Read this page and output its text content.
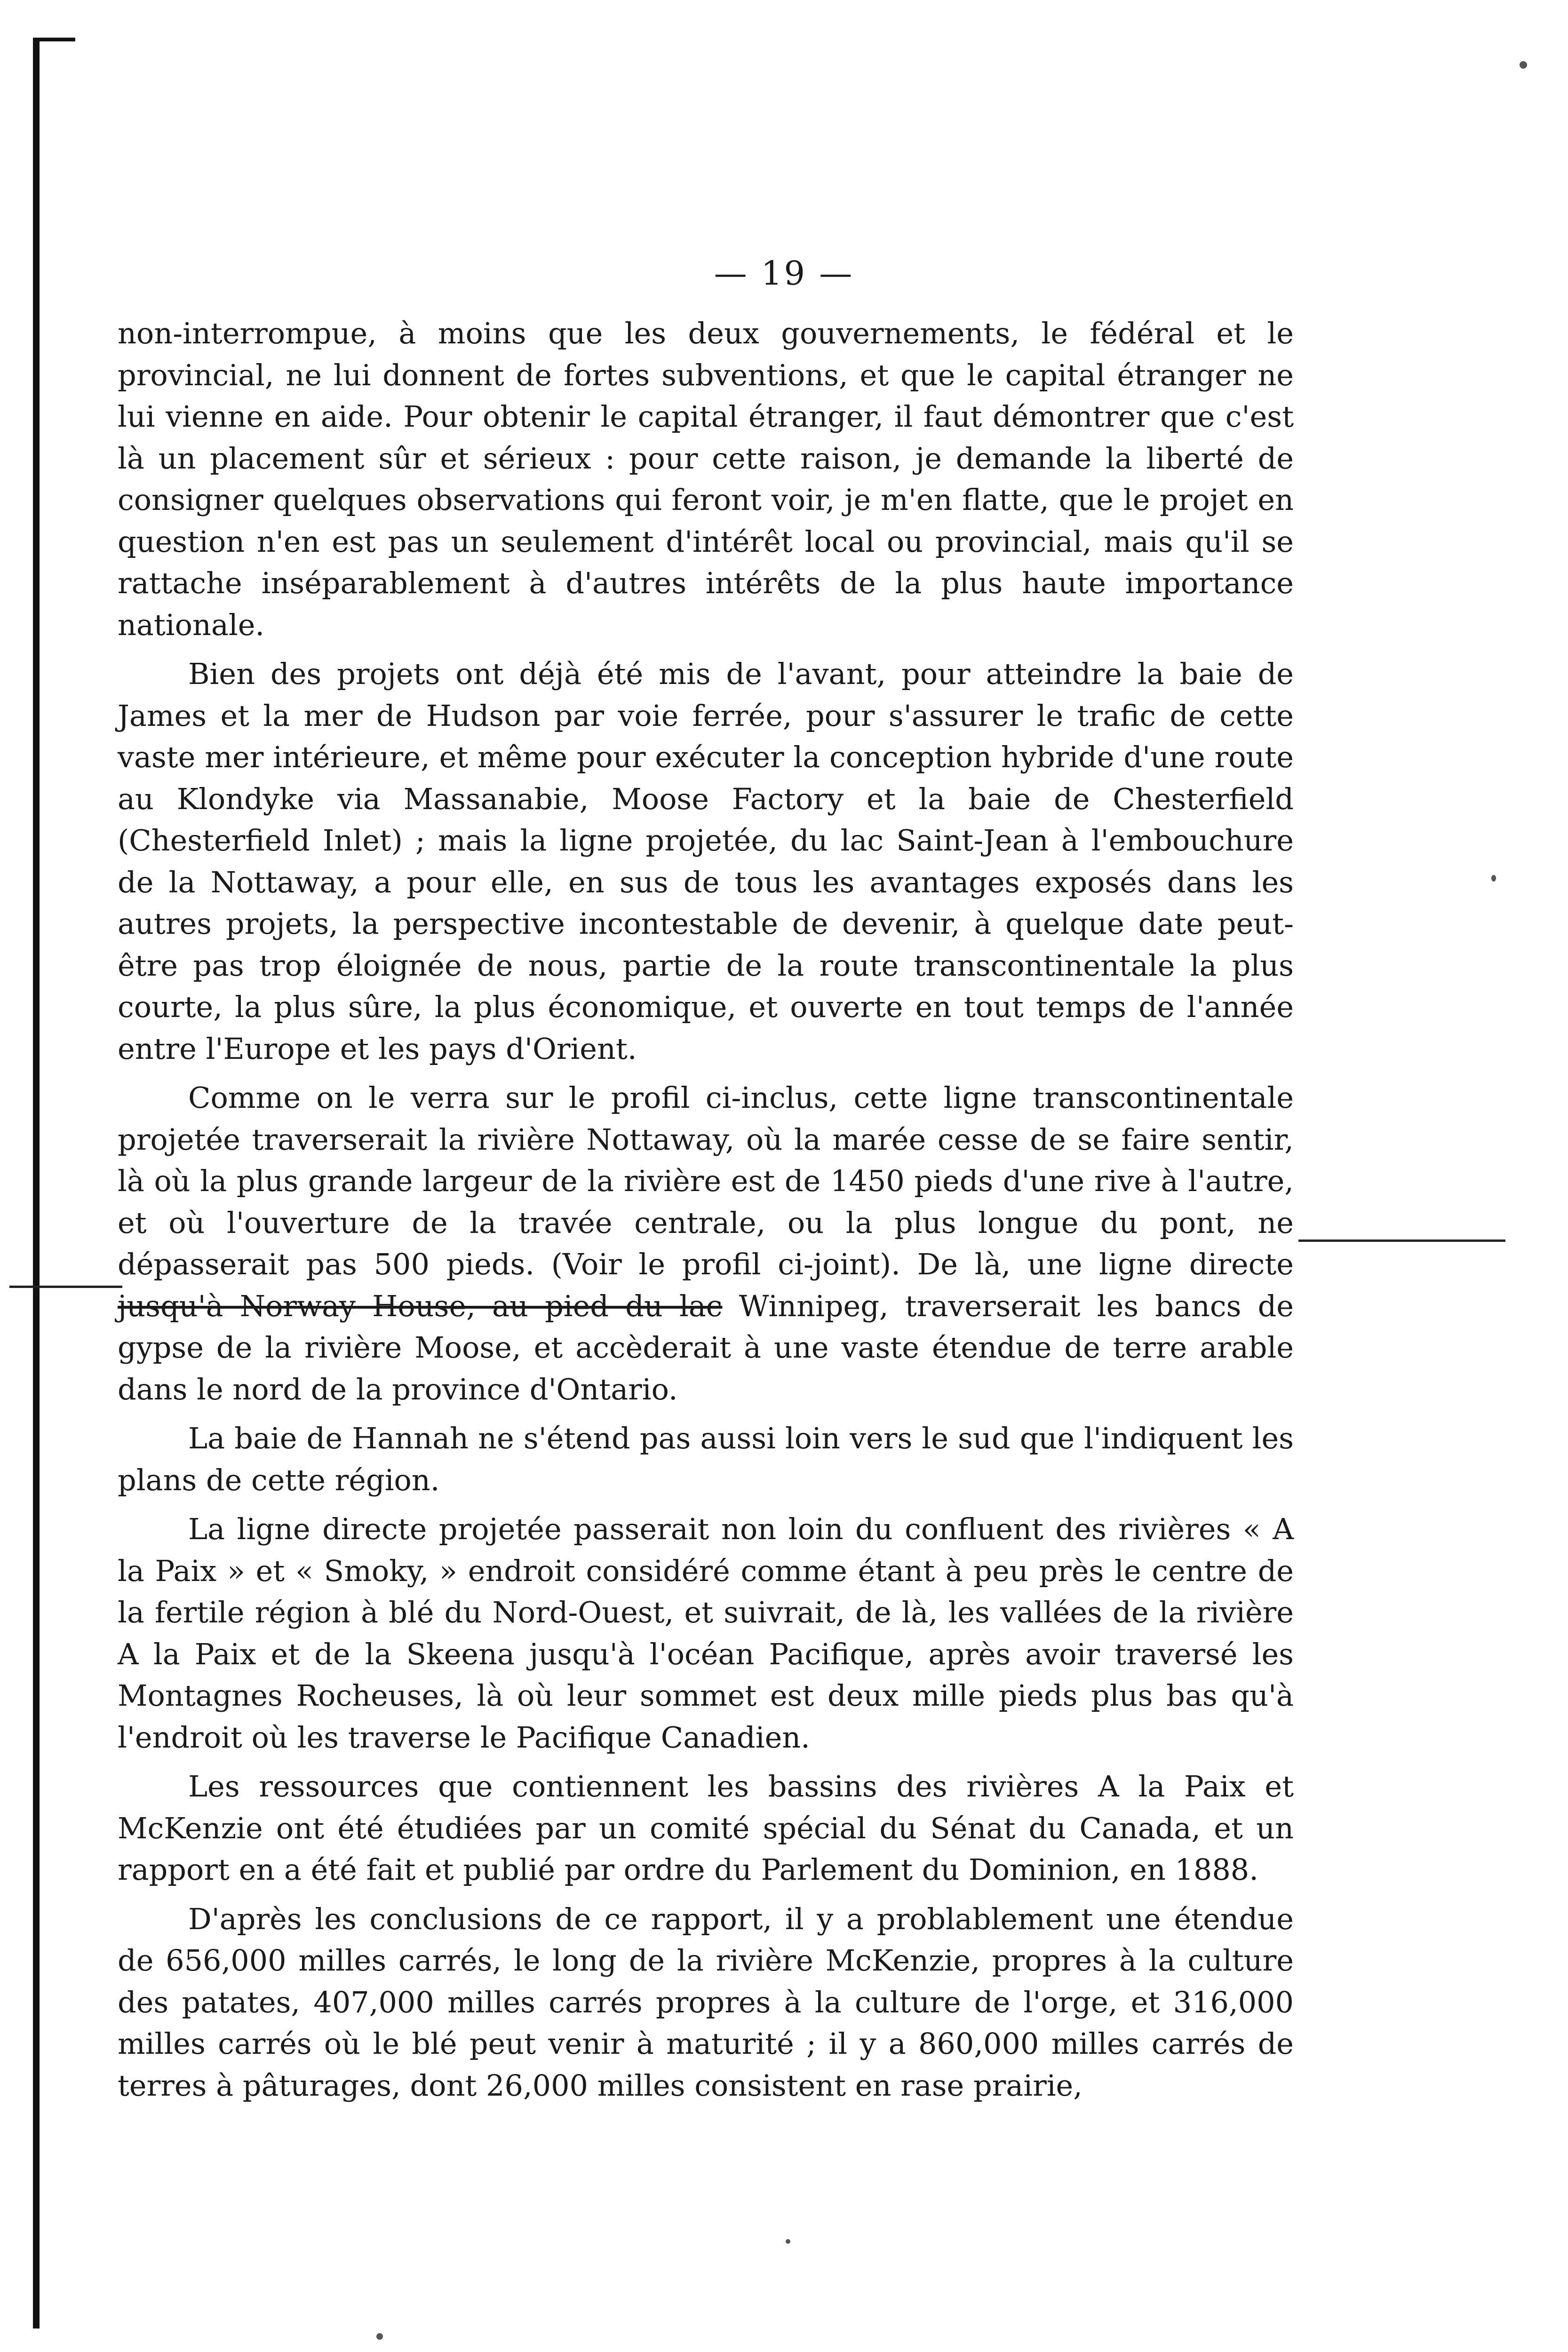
— 19 —

non-interrompue, à moins que les deux gouvernements, le fédéral et le provincial, ne lui donnent de fortes subventions, et que le capital étranger ne lui vienne en aide. Pour obtenir le capital étranger, il faut démontrer que c'est là un placement sûr et sérieux : pour cette raison, je demande la liberté de consigner quelques observations qui feront voir, je m'en flatte, que le projet en question n'en est pas un seulement d'intérêt local ou provincial, mais qu'il se rattache inséparablement à d'autres intérêts de la plus haute importance nationale.

Bien des projets ont déjà été mis de l'avant, pour atteindre la baie de James et la mer de Hudson par voie ferrée, pour s'assurer le trafic de cette vaste mer intérieure, et même pour exécuter la conception hybride d'une route au Klondyke via Massanabie, Moose Factory et la baie de Chesterfield (Chesterfield Inlet) ; mais la ligne projetée, du lac Saint-Jean à l'embouchure de la Nottaway, a pour elle, en sus de tous les avantages exposés dans les autres projets, la perspective incontestable de devenir, à quelque date peut-être pas trop éloignée de nous, partie de la route transcontinentale la plus courte, la plus sûre, la plus économique, et ouverte en tout temps de l'année entre l'Europe et les pays d'Orient.

Comme on le verra sur le profil ci-inclus, cette ligne transcontinentale projetée traverserait la rivière Nottaway, où la marée cesse de se faire sentir, là où la plus grande largeur de la rivière est de 1450 pieds d'une rive à l'autre, et où l'ouverture de la travée centrale, ou la plus longue du pont, ne dépasserait pas 500 pieds. (Voir le profil ci-joint). De là, une ligne directe jusqu'à Norway House, au pied du lac Winnipeg, traverserait les bancs de gypse de la rivière Moose, et accèderait à une vaste étendue de terre arable dans le nord de la province d'Ontario.

La baie de Hannah ne s'étend pas aussi loin vers le sud que l'indiquent les plans de cette région.

La ligne directe projetée passerait non loin du confluent des rivières « A la Paix » et « Smoky, » endroit considéré comme étant à peu près le centre de la fertile région à blé du Nord-Ouest, et suivrait, de là, les vallées de la rivière A la Paix et de la Skeena jusqu'à l'océan Pacifique, après avoir traversé les Montagnes Rocheuses, là où leur sommet est deux mille pieds plus bas qu'à l'endroit où les traverse le Pacifique Canadien.

Les ressources que contiennent les bassins des rivières A la Paix et McKenzie ont été étudiées par un comité spécial du Sénat du Canada, et un rapport en a été fait et publié par ordre du Parlement du Dominion, en 1888.

D'après les conclusions de ce rapport, il y a problablement une étendue de 656,000 milles carrés, le long de la rivière McKenzie, propres à la culture des patates, 407,000 milles carrés propres à la culture de l'orge, et 316,000 milles carrés où le blé peut venir à maturité ; il y a 860,000 milles carrés de terres à pâturages, dont 26,000 milles consistent en rase prairie,
